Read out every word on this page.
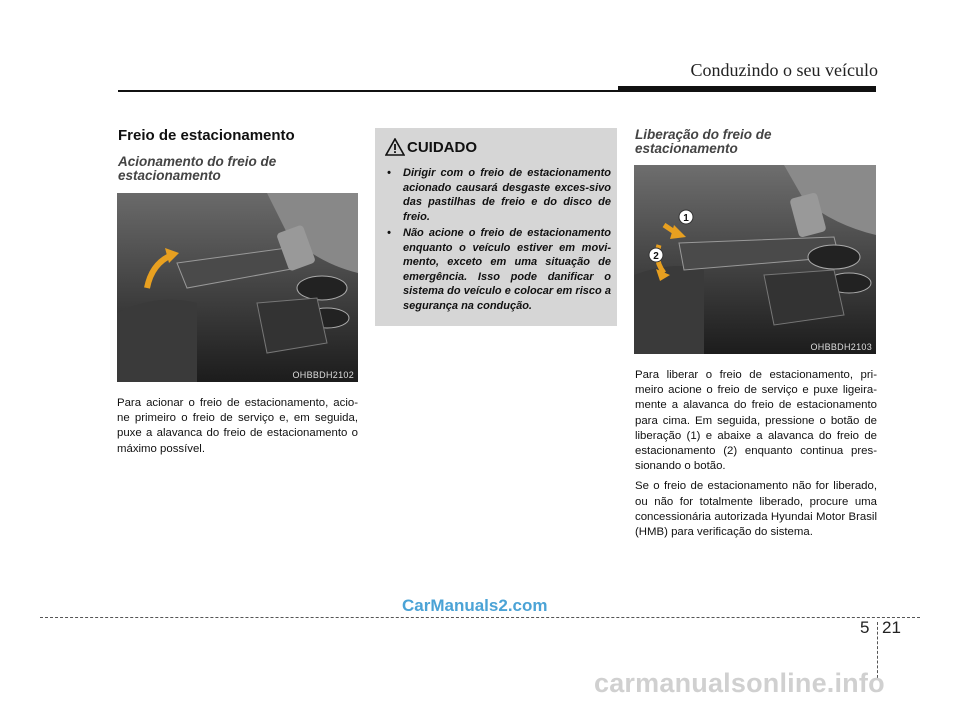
Conduzindo o seu veículo
Freio de estacionamento
Acionamento do freio de estacionamento
OHBBDH2102

Para acionar o freio de estacionamento, acio-ne primeiro o freio de serviço e, em seguida, puxe a alavanca do freio de estacionamento o máximo possível.

CUIDADO
• Dirigir com o freio de estacionamento acionado causará desgaste exces-sivo das pastilhas de freio e do disco de freio.
• Não acione o freio de estacionamento enquanto o veículo estiver em movi-mento, exceto em uma situação de emergência. Isso pode danificar o sistema do veículo e colocar em risco a segurança na condução.
Liberação do freio de estacionamento
1
2
OHBBDH2103

Para liberar o freio de estacionamento, pri-meiro acione o freio de serviço e puxe ligeira-mente a alavanca do freio de estacionamento para cima. Em seguida, pressione o botão de liberação (1) e abaixe a alavanca do freio de estacionamento (2) enquanto continua pres-sionando o botão.

Se o freio de estacionamento não for liberado, ou não for totalmente liberado, procure uma concessionária autorizada Hyundai Motor Brasil (HMB) para verificação do sistema.

CarManuals2.com
5 21
carmanualsonline.info
